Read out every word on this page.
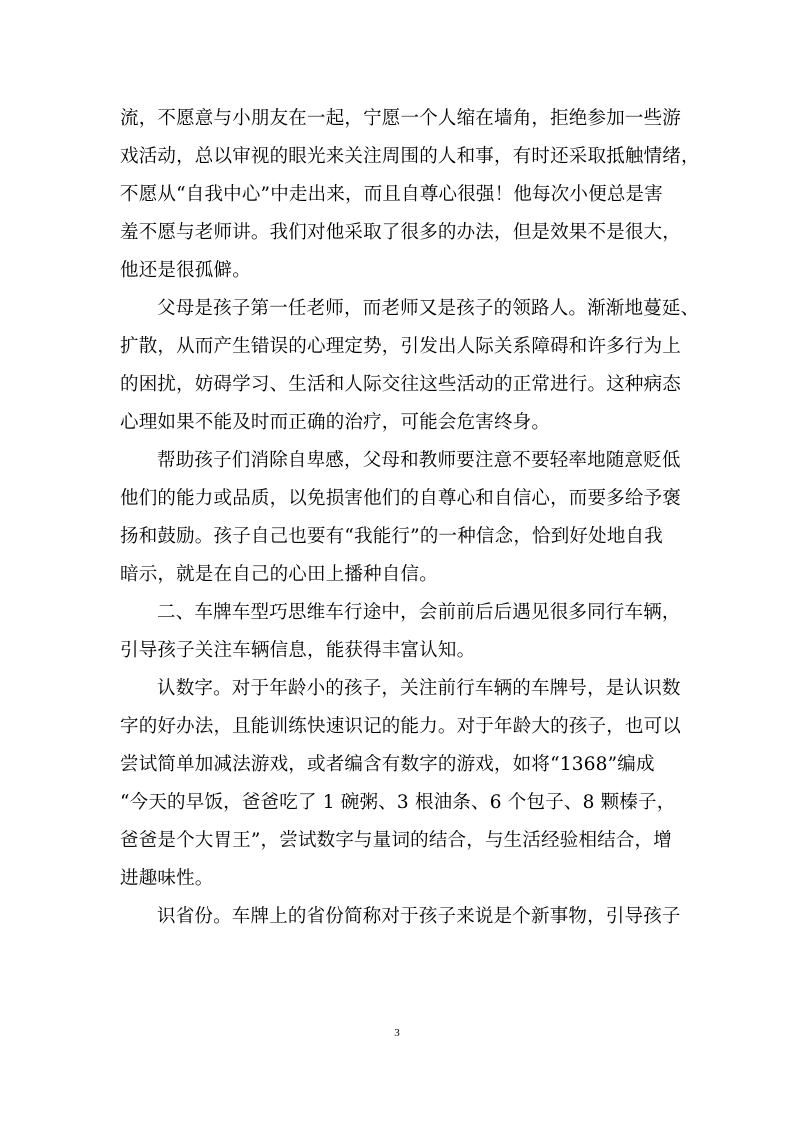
流，不愿意与小朋友在一起，宁愿一个人缩在墙角，拒绝参加一些游
戏活动，总以审视的眼光来关注周围的人和事，有时还采取抵触情绪，
不愿从“自我中心”中走出来，而且自尊心很强！他每次小便总是害
羞不愿与老师讲。我们对他采取了很多的办法，但是效果不是很大，
他还是很孤僻。
父母是孩子第一任老师，而老师又是孩子的领路人。渐渐地蔓延、
扩散，从而产生错误的心理定势，引发出人际关系障碍和许多行为上
的困扰，妨碍学习、生活和人际交往这些活动的正常进行。这种病态
心理如果不能及时而正确的治疗，可能会危害终身。
帮助孩子们消除自卑感，父母和教师要注意不要轻率地随意贬低
他们的能力或品质，以免损害他们的自尊心和自信心，而要多给予褒
扬和鼓励。孩子自己也要有“我能行”的一种信念，恰到好处地自我
暗示，就是在自己的心田上播种自信。
二、车牌车型巧思维车行途中，会前前后后遇见很多同行车辆，
引导孩子关注车辆信息，能获得丰富认知。
认数字。对于年龄小的孩子，关注前行车辆的车牌号，是认识数
字的好办法，且能训练快速识记的能力。对于年龄大的孩子，也可以
尝试简单加减法游戏，或者编含有数字的游戏，如将“1368”编成
“今天的早饭，爸爸吃了 1 碗粥、3 根油条、6 个包子、8 颗榛子，
爸爸是个大胃王”，尝试数字与量词的结合，与生活经验相结合，增
进趣味性。
识省份。车牌上的省份简称对于孩子来说是个新事物，引导孩子
3
